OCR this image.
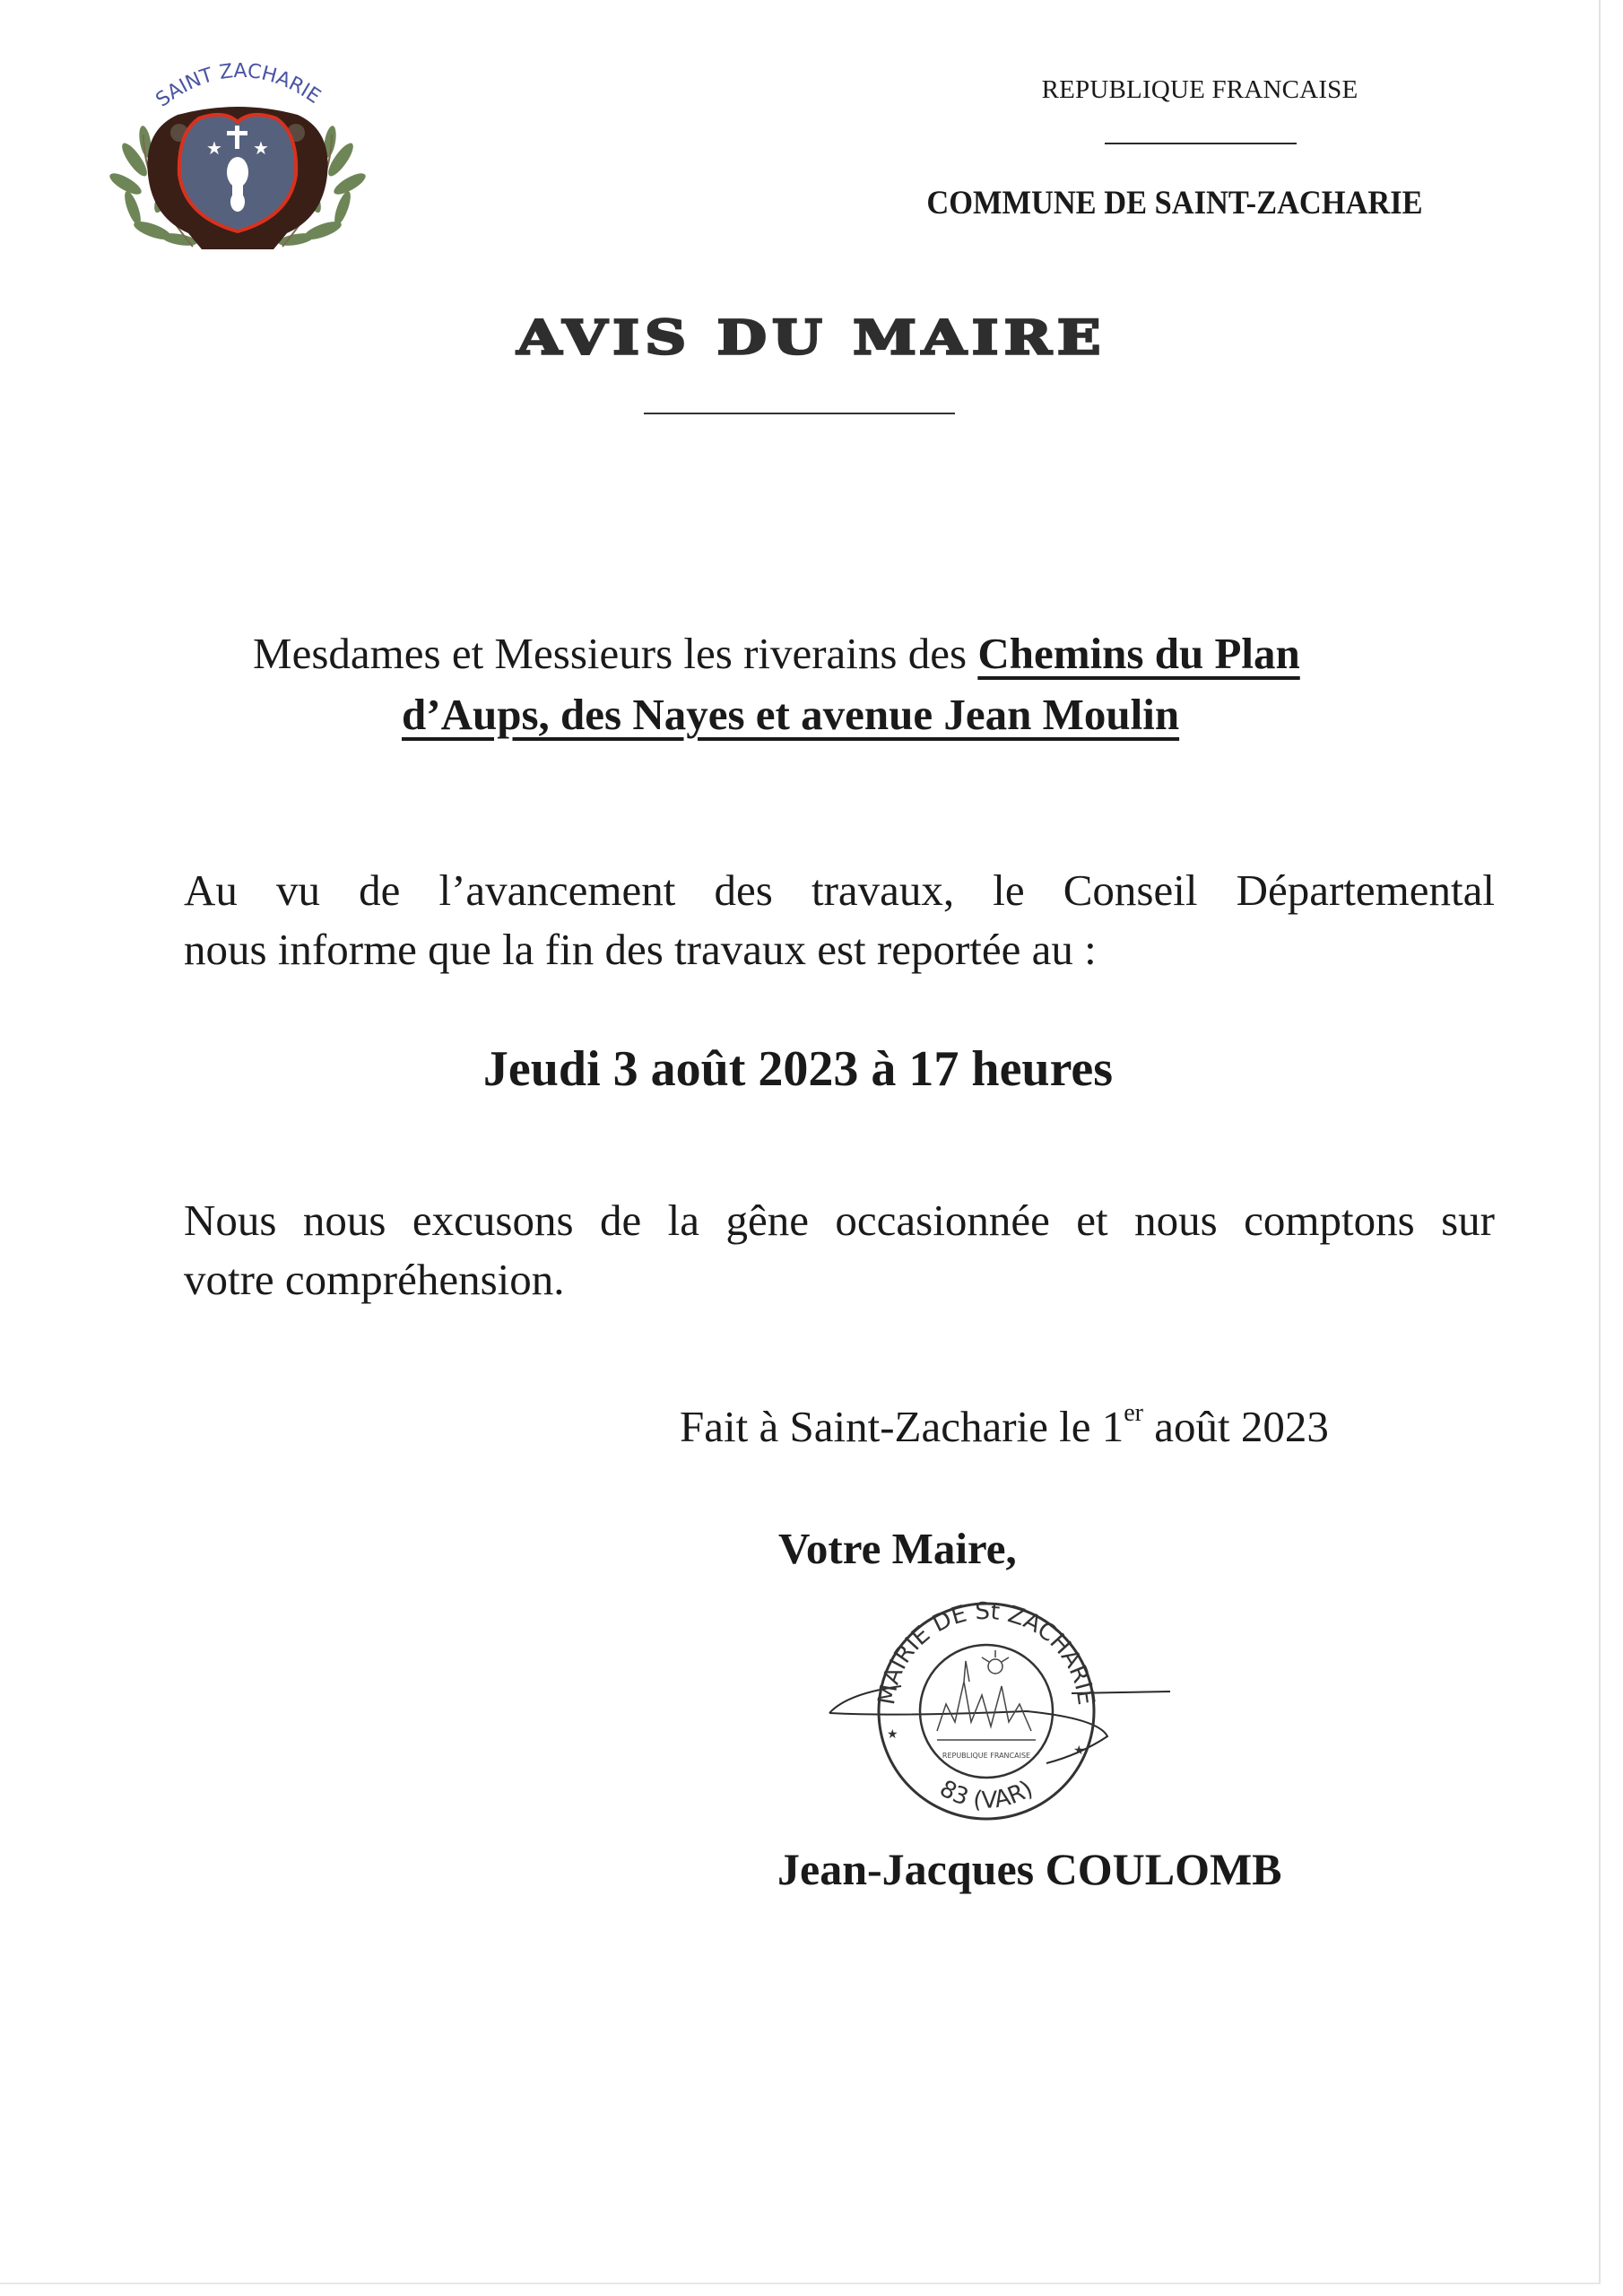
★ ★
SAINT ZACHARIE	REPUBLIQUE FRANCAISE
COMMUNE DE SAINT-ZACHARIE
AVIS DU MAIRE
Mesdames et Messieurs les riverains des Chemins du Plan
d’Aups, des Nayes et avenue Jean Moulin
Au vu de l’avancement des travaux, le Conseil Départemental
nous informe que la fin des travaux est reportée au :
Jeudi 3 août 2023 à 17 heures
Nous nous excusons de la gêne occasionnée et nous comptons sur
votre compréhension.
Fait à Saint-Zacharie le 1er août 2023
Votre Maire,
★
★
REPUBLIQUE FRANCAISE
MAIRIE DE St ZACHARIE
83 (VAR)
Jean-Jacques COULOMB
